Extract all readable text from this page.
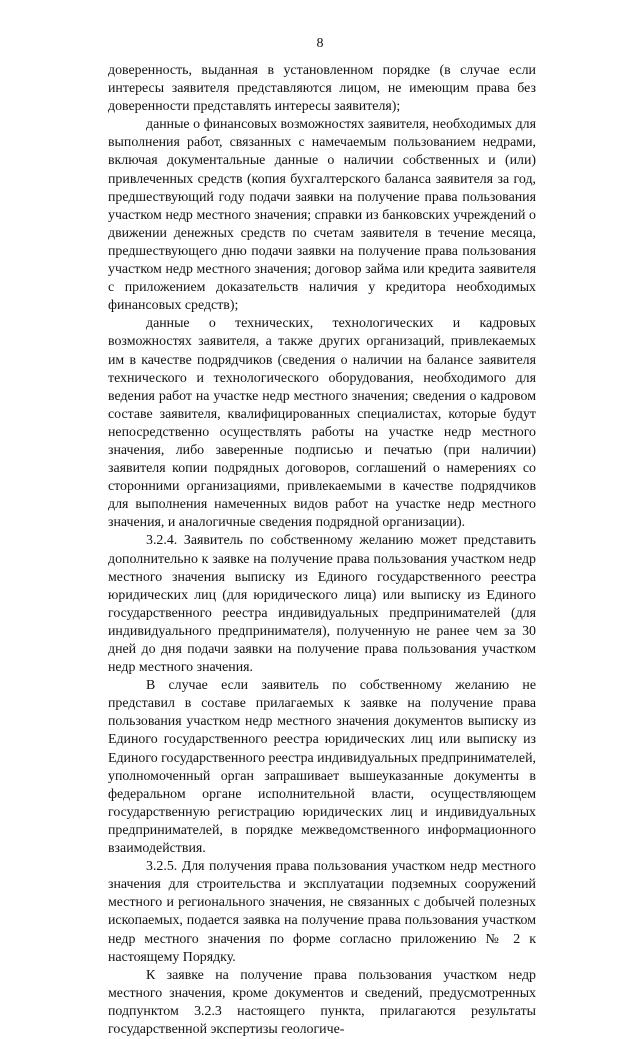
8

доверенность, выданная в установленном порядке (в случае если интересы заявителя представляются лицом, не имеющим права без доверенности представлять интересы заявителя);

данные о финансовых возможностях заявителя, необходимых для выполнения работ, связанных с намечаемым пользованием недрами, включая документальные данные о наличии собственных и (или) привлеченных средств (копия бухгалтерского баланса заявителя за год, предшествующий году подачи заявки на получение права пользования участком недр местного значения; справки из банковских учреждений о движении денежных средств по счетам заявителя в течение месяца, предшествующего дню подачи заявки на получение права пользования участком недр местного значения; договор займа или кредита заявителя с приложением доказательств наличия у кредитора необходимых финансовых средств);

данные о технических, технологических и кадровых возможностях заявителя, а также других организаций, привлекаемых им в качестве подрядчиков (сведения о наличии на балансе заявителя технического и технологического оборудования, необходимого для ведения работ на участке недр местного значения; сведения о кадровом составе заявителя, квалифицированных специалистах, которые будут непосредственно осуществлять работы на участке недр местного значения, либо заверенные подписью и печатью (при наличии) заявителя копии подрядных договоров, соглашений о намерениях со сторонними организациями, привлекаемыми в качестве подрядчиков для выполнения намеченных видов работ на участке недр местного значения, и аналогичные сведения подрядной организации).

3.2.4. Заявитель по собственному желанию может представить дополнительно к заявке на получение права пользования участком недр местного значения выписку из Единого государственного реестра юридических лиц (для юридического лица) или выписку из Единого государственного реестра индивидуальных предпринимателей (для индивидуального предпринимателя), полученную не ранее чем за 30 дней до дня подачи заявки на получение права пользования участком недр местного значения.

В случае если заявитель по собственному желанию не представил в составе прилагаемых к заявке на получение права пользования участком недр местного значения документов выписку из Единого государственного реестра юридических лиц или выписку из Единого государственного реестра индивидуальных предпринимателей, уполномоченный орган запрашивает вышеуказанные документы в федеральном органе исполнительной власти, осуществляющем государственную регистрацию юридических лиц и индивидуальных предпринимателей, в порядке межведомственного информационного взаимодействия.

3.2.5. Для получения права пользования участком недр местного значения для строительства и эксплуатации подземных сооружений местного и регионального значения, не связанных с добычей полезных ископаемых, подается заявка на получение права пользования участком недр местного значения по форме согласно приложению № 2 к настоящему Порядку.

К заявке на получение права пользования участком недр местного значения, кроме документов и сведений, предусмотренных подпунктом 3.2.3 настоящего пункта, прилагаются результаты государственной экспертизы геологиче-
